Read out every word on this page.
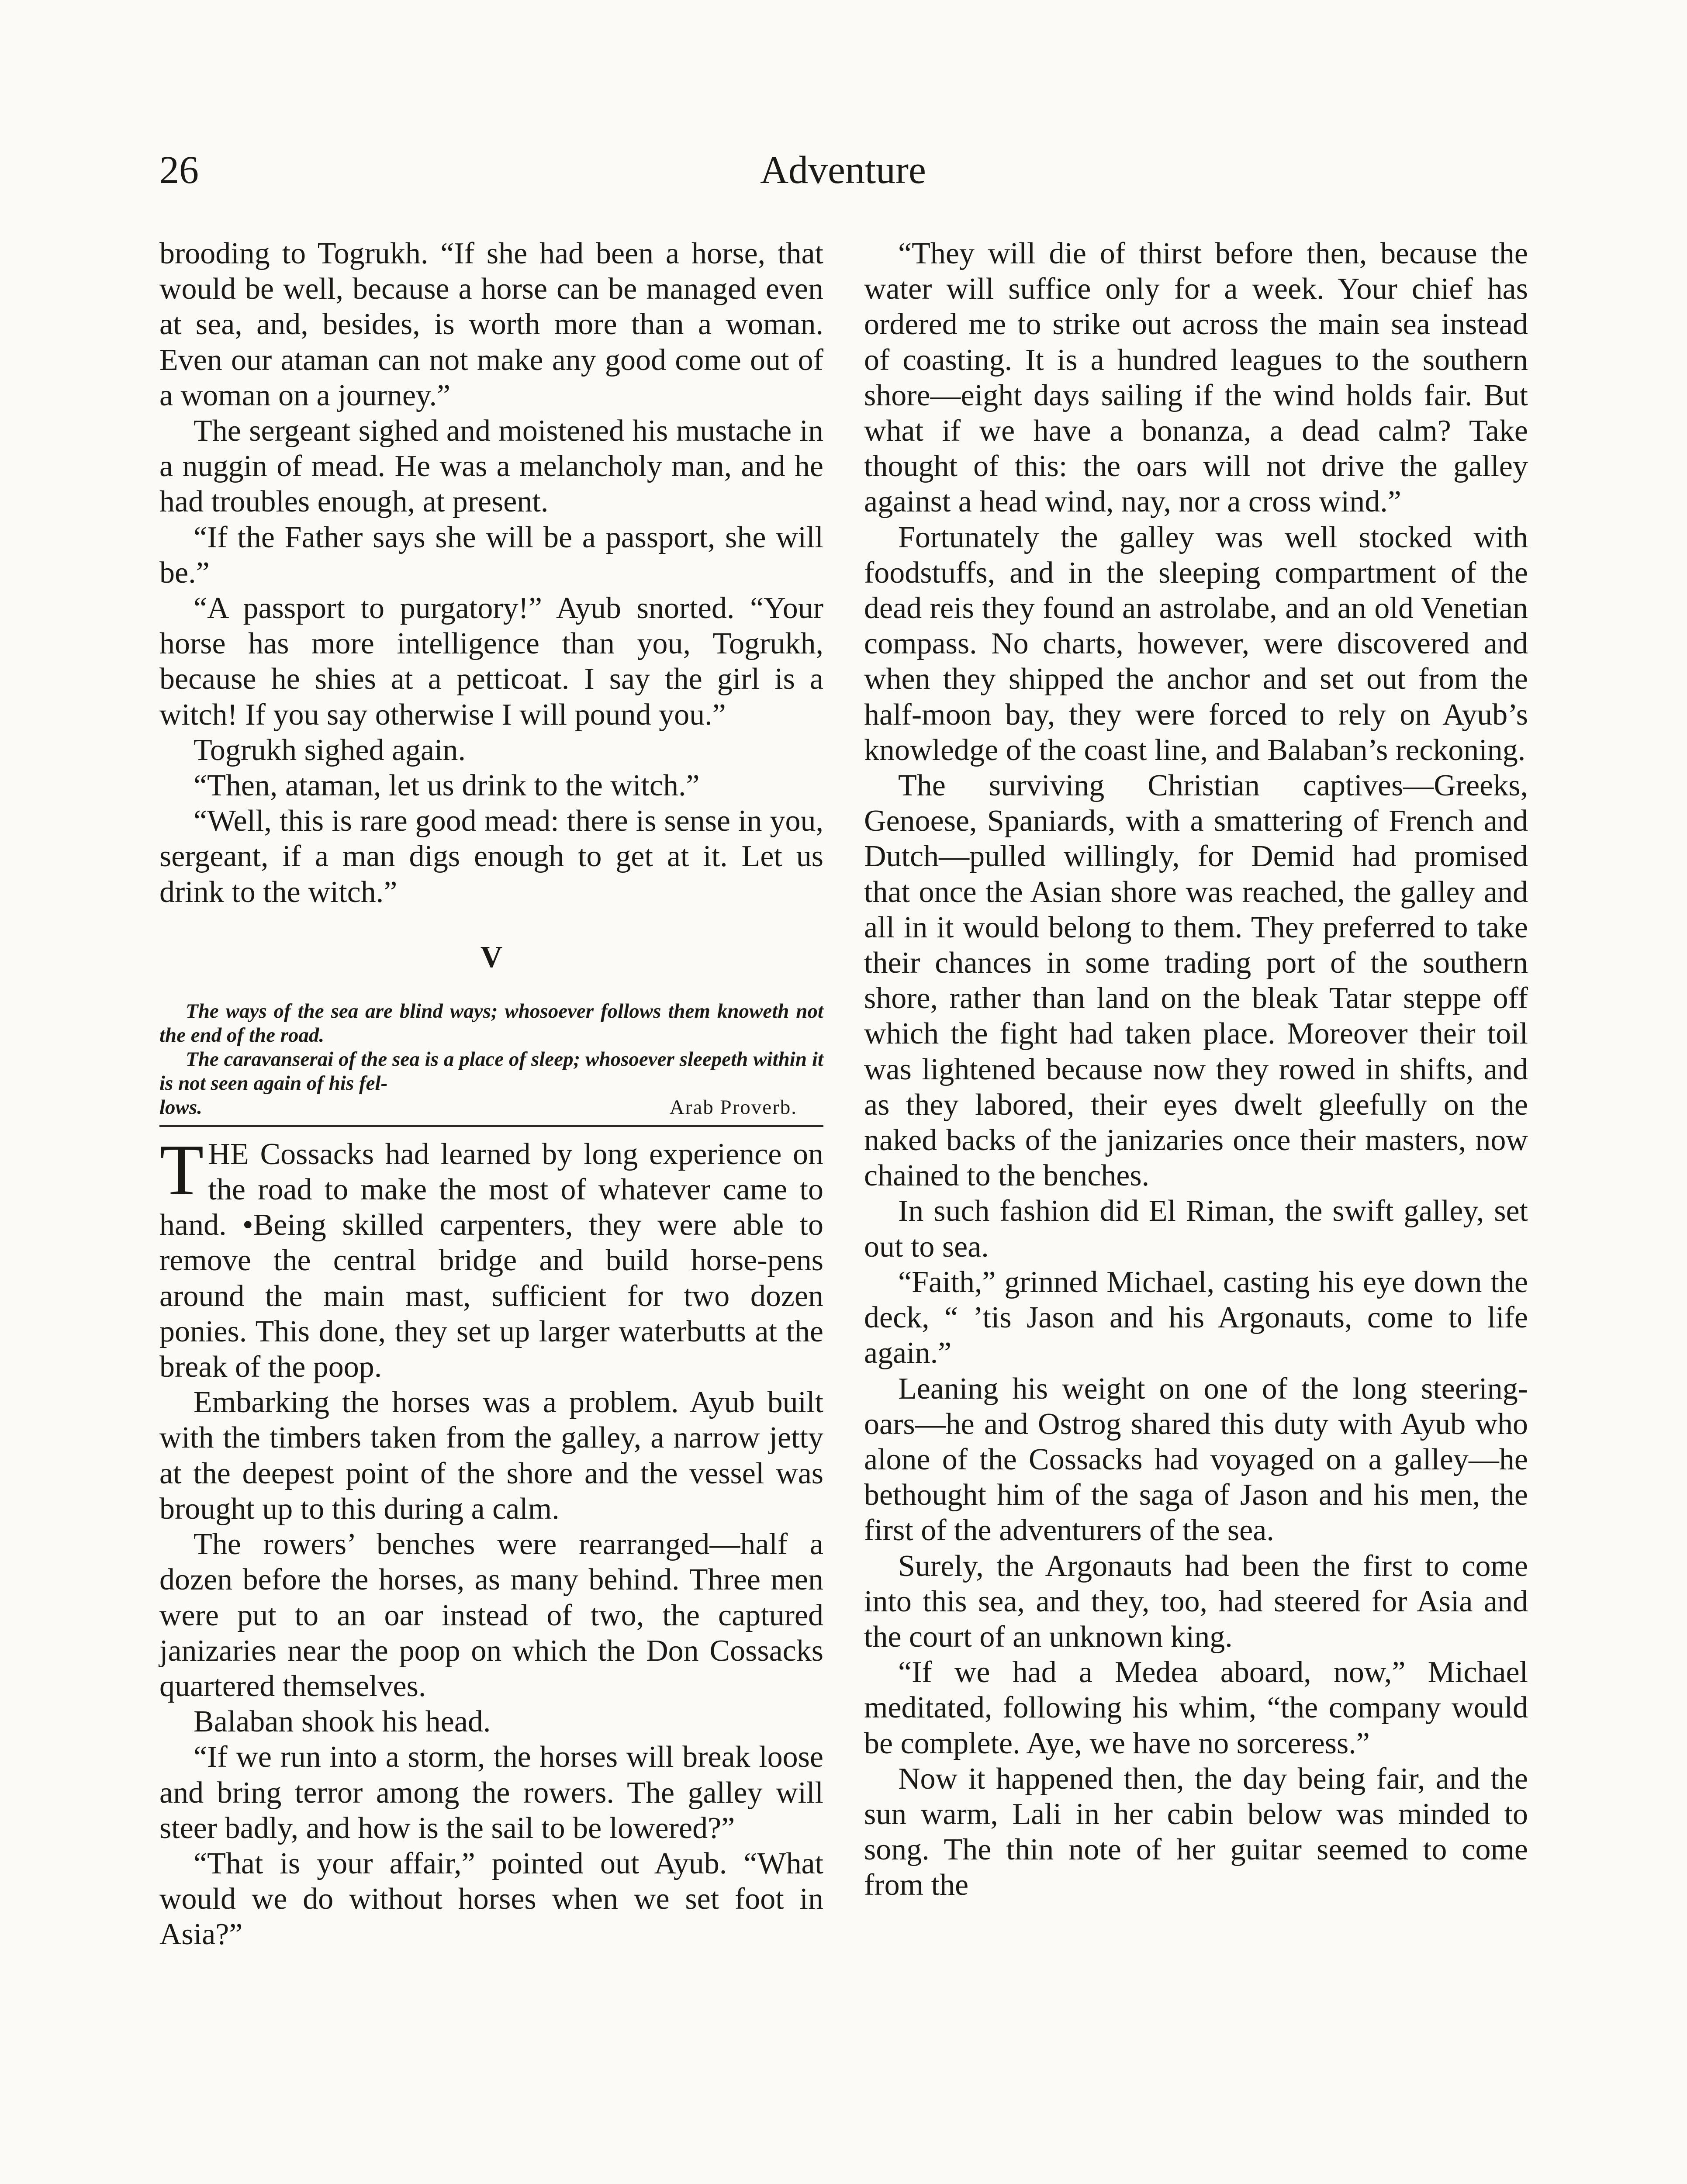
26	Adventure

brooding to Togrukh. “If she had been a horse, that would be well, because a horse can be managed even at sea, and, besides, is worth more than a woman. Even our ataman can not make any good come out of a woman on a journey.”

The sergeant sighed and moistened his mustache in a nuggin of mead. He was a melancholy man, and he had troubles enough, at present.

“If the Father says she will be a passport, she will be.”

“A passport to purgatory!” Ayub snorted. “Your horse has more intelligence than you, Togrukh, because he shies at a petticoat. I say the girl is a witch! If you say otherwise I will pound you.”

Togrukh sighed again.

“Then, ataman, let us drink to the witch.”

“Well, this is rare good mead: there is sense in you, sergeant, if a man digs enough to get at it. Let us drink to the witch.”

V

The ways of the sea are blind ways; whosoever follows them knoweth not the end of the road.

The caravanserai of the sea is a place of sleep; whosoever sleepeth within it is not seen again of his fel-

lows.	Arab Proverb.

THE Cossacks had learned by long experience on the road to make the most of whatever came to hand. •Being skilled carpenters, they were able to remove the central bridge and build horse-pens around the main mast, sufficient for two dozen ponies. This done, they set up larger waterbutts at the break of the poop.

Embarking the horses was a problem. Ayub built with the timbers taken from the galley, a narrow jetty at the deepest point of the shore and the vessel was brought up to this during a calm.

The rowers’ benches were rearranged—half a dozen before the horses, as many behind. Three men were put to an oar instead of two, the captured janizaries near the poop on which the Don Cossacks quartered themselves.

Balaban shook his head.

“If we run into a storm, the horses will break loose and bring terror among the rowers. The galley will steer badly, and how is the sail to be lowered?”

“That is your affair,” pointed out Ayub. “What would we do without horses when we set foot in Asia?”

“They will die of thirst before then, because the water will suffice only for a week. Your chief has ordered me to strike out across the main sea instead of coasting. It is a hundred leagues to the southern shore—eight days sailing if the wind holds fair. But what if we have a bonanza, a dead calm? Take thought of this: the oars will not drive the galley against a head wind, nay, nor a cross wind.”

Fortunately the galley was well stocked with foodstuffs, and in the sleeping compartment of the dead reis they found an astrolabe, and an old Venetian compass. No charts, however, were discovered and when they shipped the anchor and set out from the half-moon bay, they were forced to rely on Ayub’s knowledge of the coast line, and Balaban’s reckoning.

The surviving Christian captives—Greeks, Genoese, Spaniards, with a smattering of French and Dutch—pulled willingly, for Demid had promised that once the Asian shore was reached, the galley and all in it would belong to them. They preferred to take their chances in some trading port of the southern shore, rather than land on the bleak Tatar steppe off which the fight had taken place. Moreover their toil was lightened because now they rowed in shifts, and as they labored, their eyes dwelt gleefully on the naked backs of the janizaries once their masters, now chained to the benches.

In such fashion did El Riman, the swift galley, set out to sea.

“Faith,” grinned Michael, casting his eye down the deck, “ ’tis Jason and his Argonauts, come to life again.”

Leaning his weight on one of the long steering-oars—he and Ostrog shared this duty with Ayub who alone of the Cossacks had voyaged on a galley—he bethought him of the saga of Jason and his men, the first of the adventurers of the sea.

Surely, the Argonauts had been the first to come into this sea, and they, too, had steered for Asia and the court of an unknown king.

“If we had a Medea aboard, now,” Michael meditated, following his whim, “the company would be complete. Aye, we have no sorceress.”

Now it happened then, the day being fair, and the sun warm, Lali in her cabin below was minded to song. The thin note of her guitar seemed to come from the
